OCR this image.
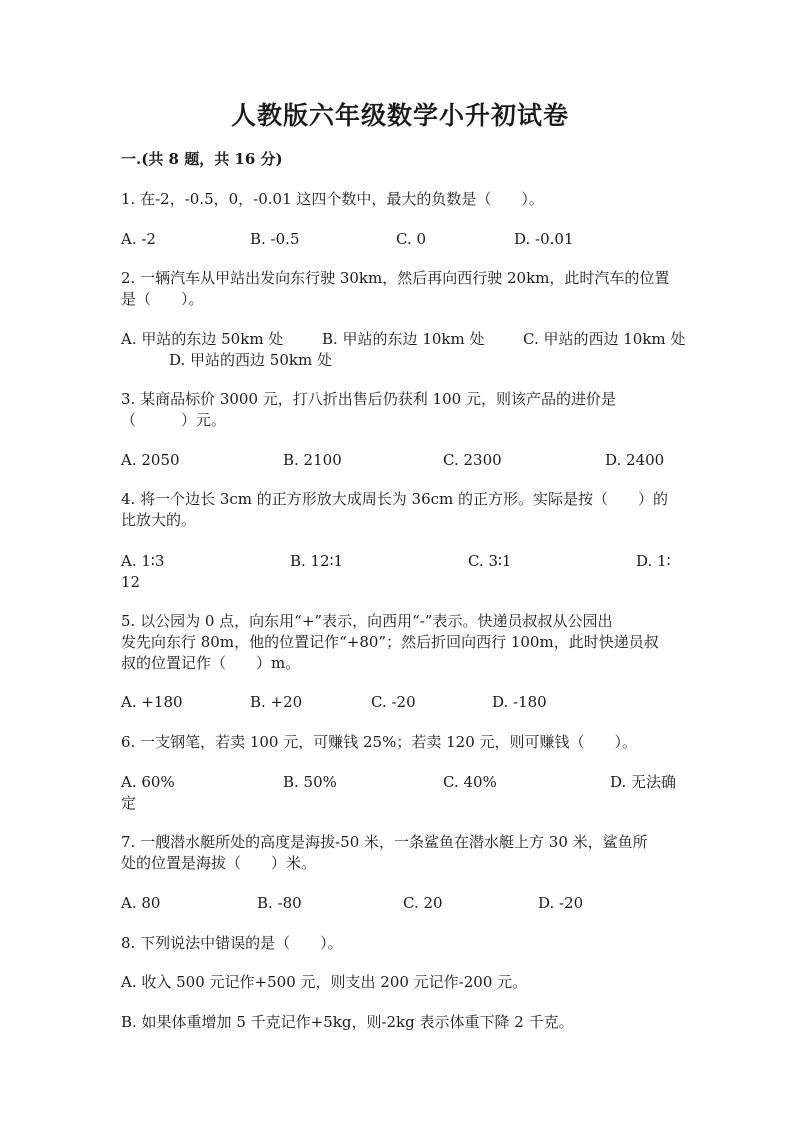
人教版六年级数学小升初试卷
一.(共 8 题，共 16 分)
1. 在-2，-0.5，0，-0.01 这四个数中，最大的负数是（　　）。
A. -2	B. -0.5	C. 0	D. -0.01
2. 一辆汽车从甲站出发向东行驶 30km，然后再向西行驶 20km，此时汽车的位置
是（　　）。
A. 甲站的东边 50km 处	B. 甲站的东边 10km 处	C. 甲站的西边 10km 处
D. 甲站的西边 50km 处
3. 某商品标价 3000 元，打八折出售后仍获利 100 元，则该产品的进价是
（　　　）元。
A. 2050	B. 2100	C. 2300	D. 2400
4. 将一个边长 3cm 的正方形放大成周长为 36cm 的正方形。实际是按（　　）的
比放大的。
A. 1∶3	B. 12∶1	C. 3∶1	D. 1∶
12
5. 以公园为 0 点，向东用“+”表示，向西用“-”表示。快递员叔叔从公园出
发先向东行 80m，他的位置记作“+80”；然后折回向西行 100m，此时快递员叔
叔的位置记作（　　）m。
A. +180	B. +20	C. -20	D. -180
6. 一支钢笔，若卖 100 元，可赚钱 25%；若卖 120 元，则可赚钱（　　）。
A. 60%	B. 50%	C. 40%	D. 无法确
定
7. 一艘潜水艇所处的高度是海拔-50 米，一条鲨鱼在潜水艇上方 30 米，鲨鱼所
处的位置是海拔（　　）米。
A. 80	B. -80	C. 20	D. -20
8. 下列说法中错误的是（　　）。
A. 收入 500 元记作+500 元，则支出 200 元记作-200 元。
B. 如果体重增加 5 千克记作+5kg，则-2kg 表示体重下降 2 千克。
